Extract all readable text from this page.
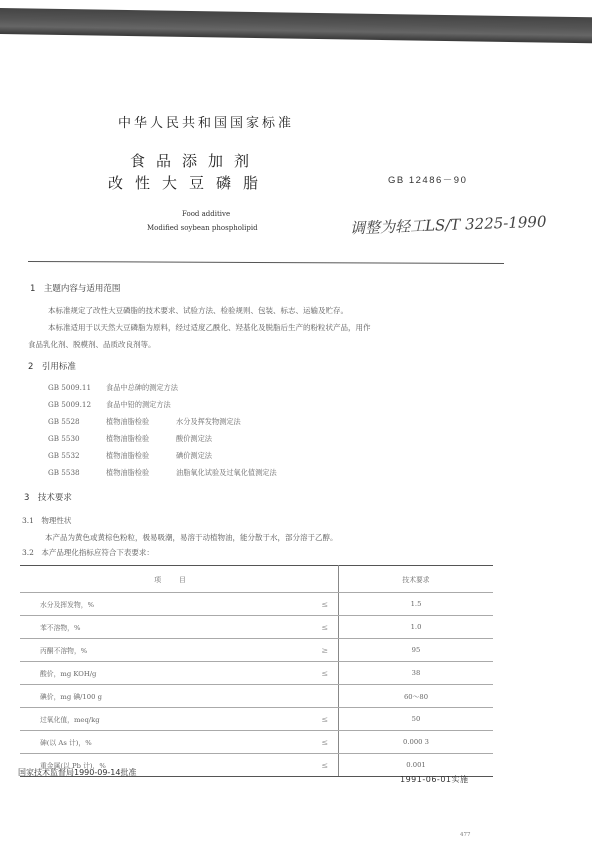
中华人民共和国国家标准
食品添加剂
改性大豆磷脂	GB 12486－90
Food additive
Modified soybean phospholipid	调整为轻工LS/T 3225-1990
1　主题内容与适用范围
本标准规定了改性大豆磷脂的技术要求、试验方法、检验规则、包装、标志、运输及贮存。
本标准适用于以天然大豆磷脂为原料，经过适度乙酰化、羟基化及脱脂后生产的粉粒状产品，用作
食品乳化剂、脱模剂、品质改良剂等。
2　引用标准
GB 5009.11 食品中总砷的测定方法
GB 5009.12 食品中铅的测定方法
GB 5528	植物油脂检验	水分及挥发物测定法
GB 5530	植物油脂检验	酸价测定法
GB 5532	植物油脂检验	碘价测定法
GB 5538	植物油脂检验	油脂氧化试验及过氧化值测定法
3　技术要求
3.1　物理性状
本产品为黄色或黄棕色粉粒，极易吸潮，易溶于动植物油，能分散于水，部分溶于乙醇。
3.2　本产品理化指标应符合下表要求：
项目		技术要求
水分及挥发物，%	≤	1.5
苯不溶物，%	≤	1.0
丙酮不溶物，%	≥	95
酸价，mg KOH/g	≤	38
碘价，mg 碘/100 g		60～80
过氧化值，meq/kg	≤	50
砷(以 As 计)，%	≤	0.000 3
重金属(以 Pb 计)，%	≤	0.001
国家技术监督局1990-09-14批准
1991-06-01实施
477
